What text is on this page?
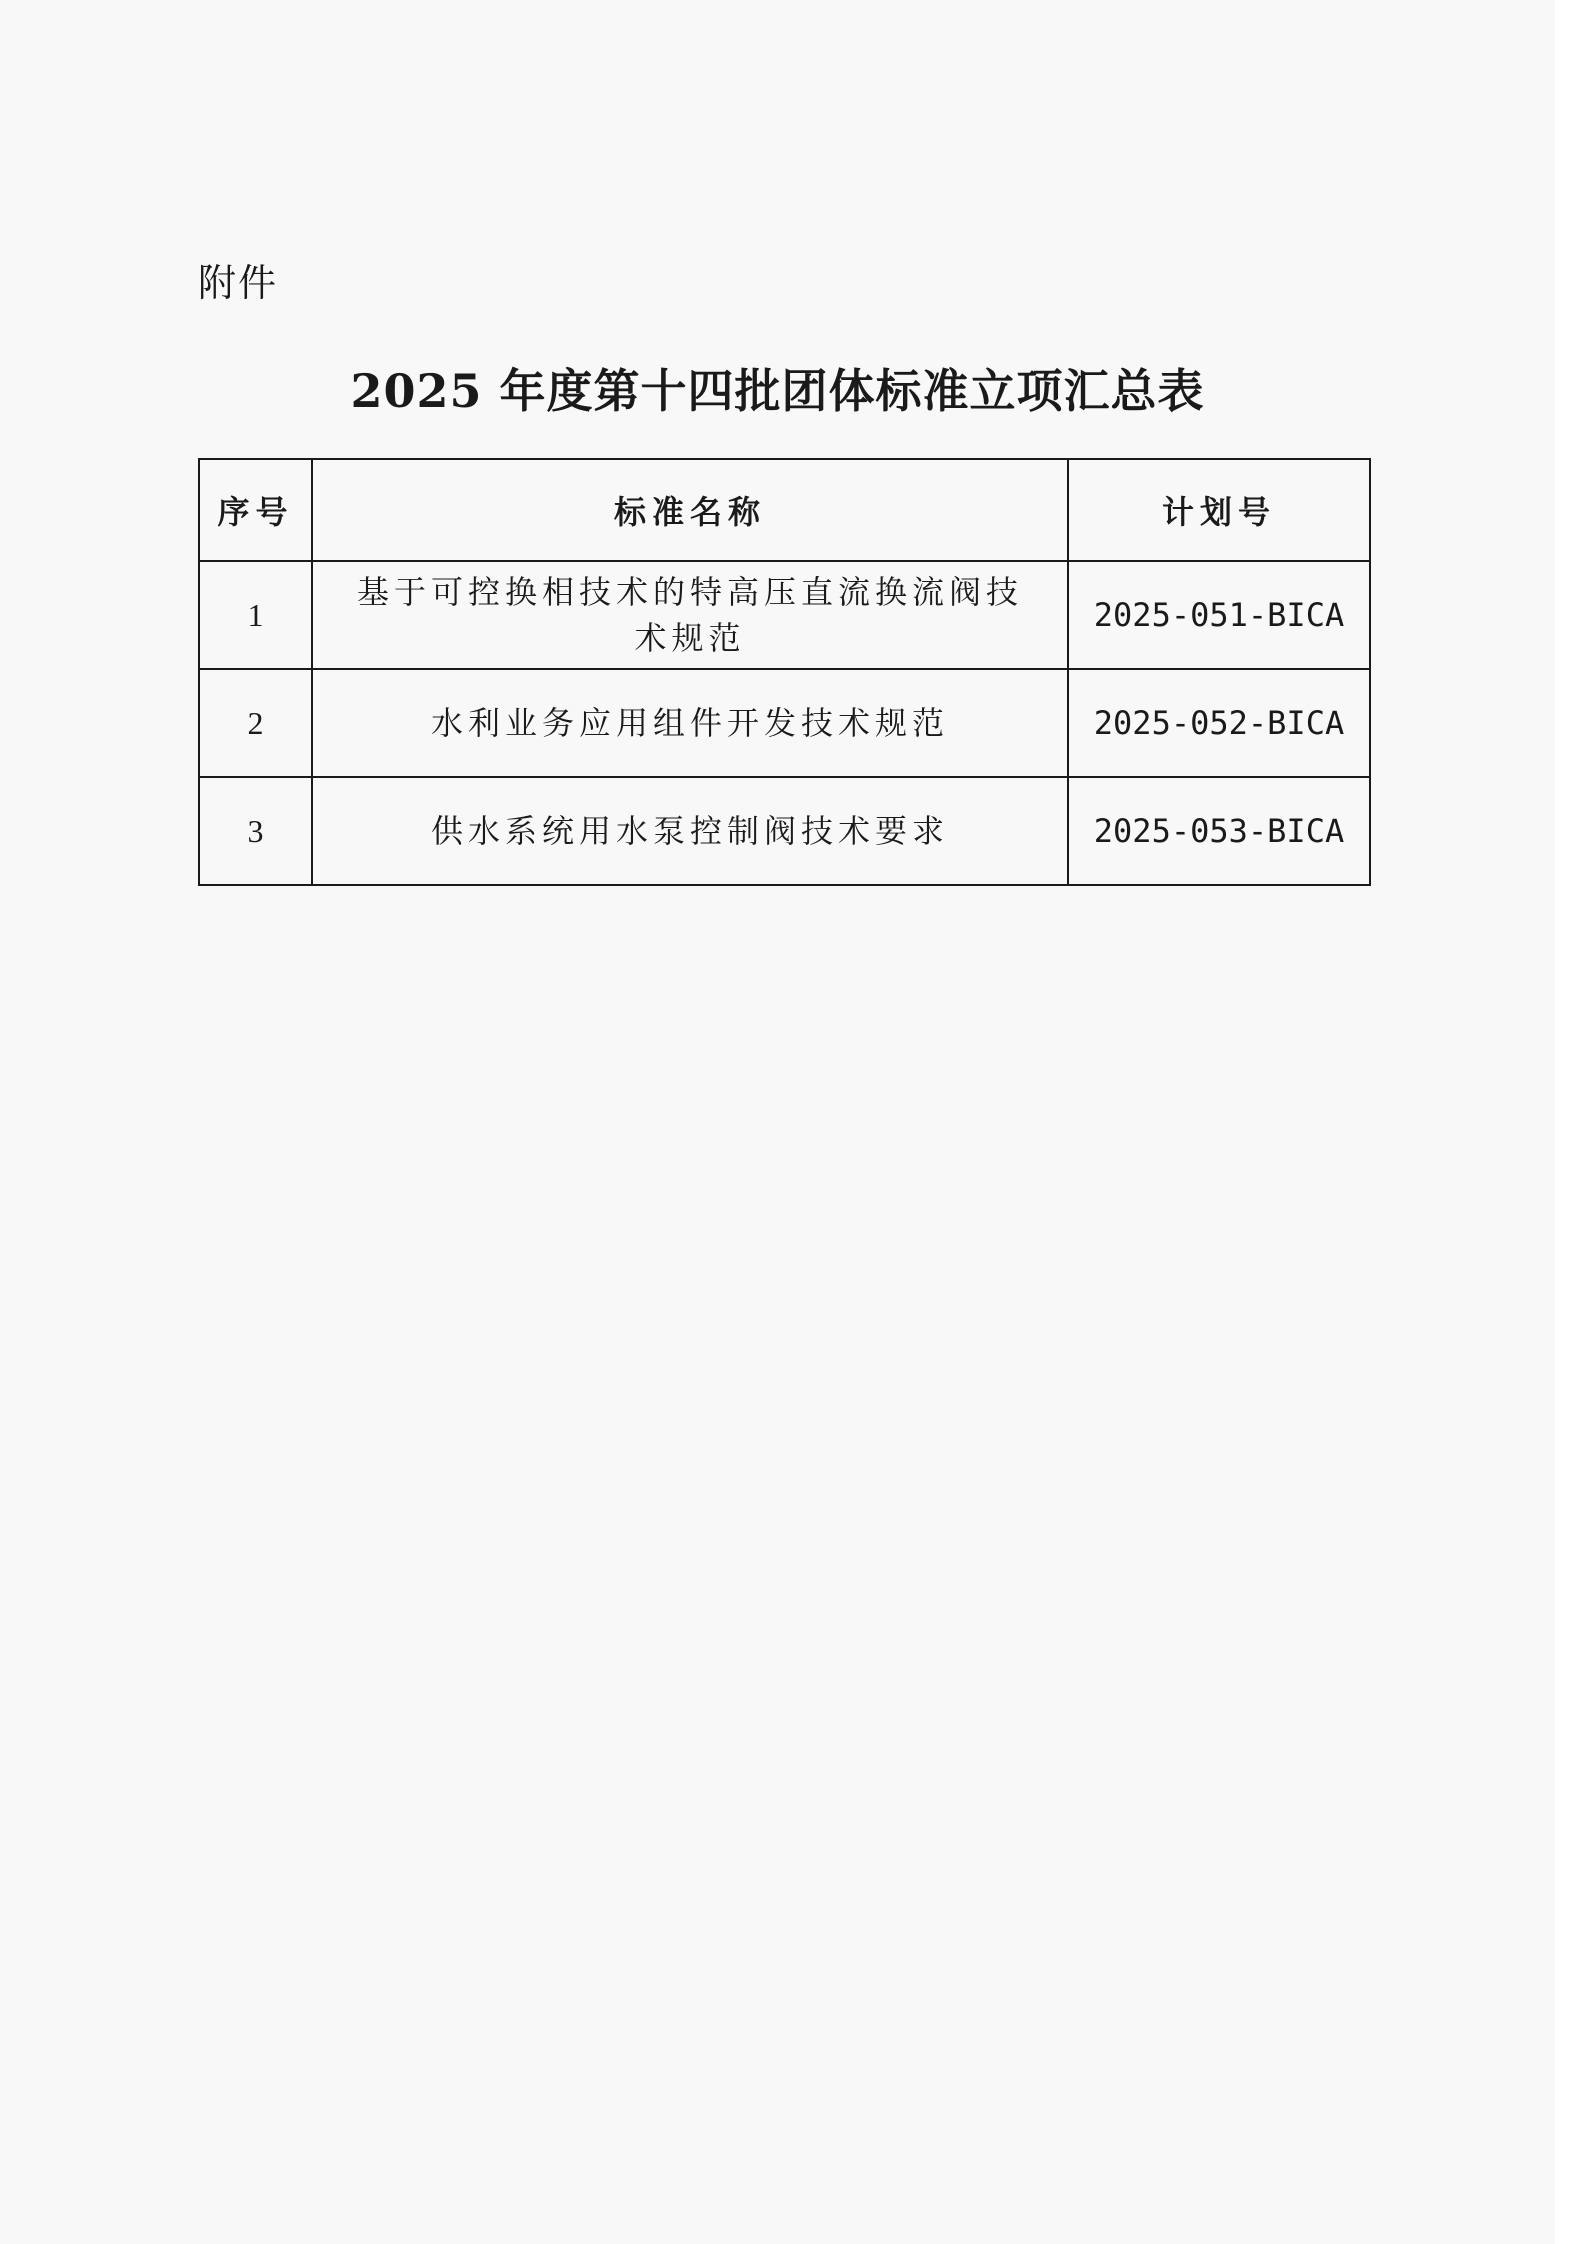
附件
2025 年度第十四批团体标准立项汇总表
序号	标准名称	计划号
1	基于可控换相技术的特高压直流换流阀技术规范	2025-051-BICA
2	水利业务应用组件开发技术规范	2025-052-BICA
3	供水系统用水泵控制阀技术要求	2025-053-BICA
